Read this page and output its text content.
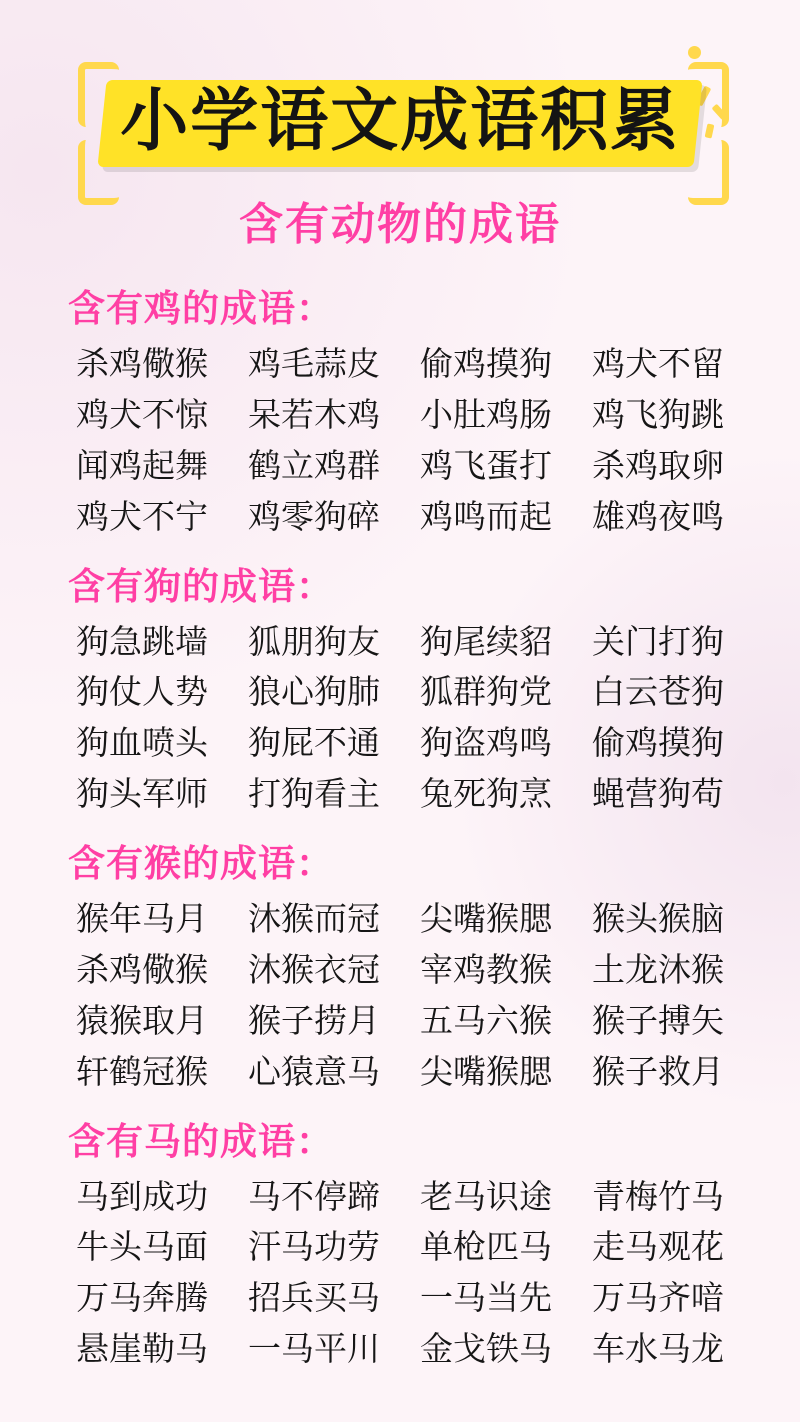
小学语文成语积累
含有动物的成语
含有鸡的成语：
杀鸡儆猴	鸡毛蒜皮	偷鸡摸狗	鸡犬不留
鸡犬不惊	呆若木鸡	小肚鸡肠	鸡飞狗跳
闻鸡起舞	鹤立鸡群	鸡飞蛋打	杀鸡取卵
鸡犬不宁	鸡零狗碎	鸡鸣而起	雄鸡夜鸣
含有狗的成语：
狗急跳墙	狐朋狗友	狗尾续貂	关门打狗
狗仗人势	狼心狗肺	狐群狗党	白云苍狗
狗血喷头	狗屁不通	狗盗鸡鸣	偷鸡摸狗
狗头军师	打狗看主	兔死狗烹	蝇营狗苟
含有猴的成语：
猴年马月	沐猴而冠	尖嘴猴腮	猴头猴脑
杀鸡儆猴	沐猴衣冠	宰鸡教猴	土龙沐猴
猿猴取月	猴子捞月	五马六猴	猴子搏矢
轩鹤冠猴	心猿意马	尖嘴猴腮	猴子救月
含有马的成语：
马到成功	马不停蹄	老马识途	青梅竹马
牛头马面	汗马功劳	单枪匹马	走马观花
万马奔腾	招兵买马	一马当先	万马齐喑
悬崖勒马	一马平川	金戈铁马	车水马龙
